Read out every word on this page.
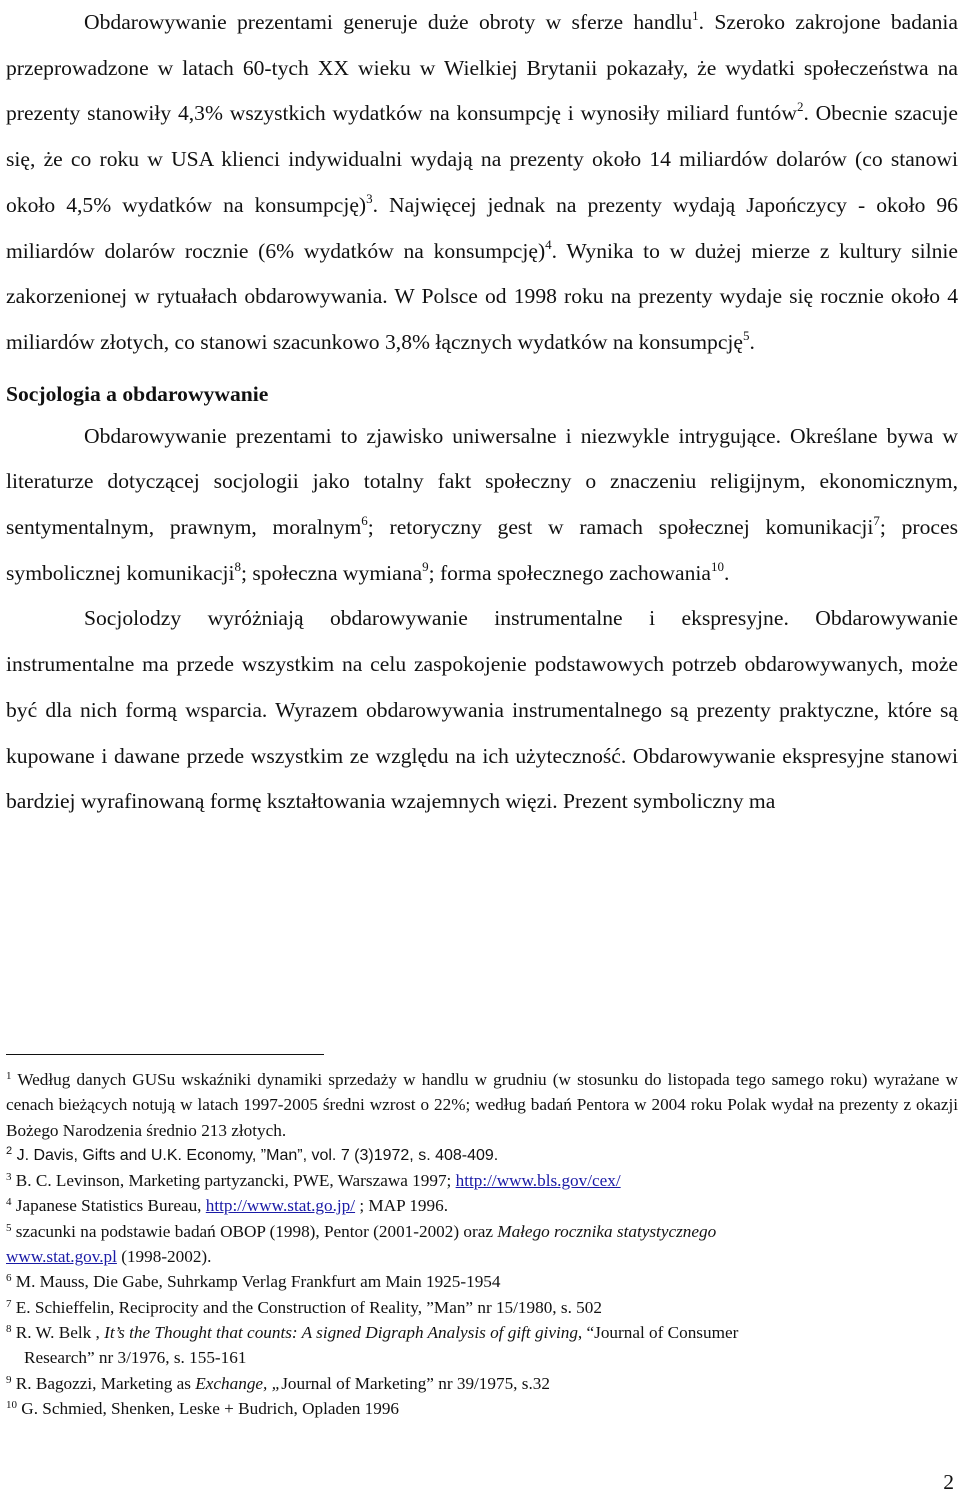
Obdarowywanie prezentami generuje duże obroty w sferze handlu$^1$. Szeroko zakrojone badania przeprowadzone w latach 60-tych XX wieku w Wielkiej Brytanii pokazały, że wydatki społeczeństwa na prezenty stanowiły 4,3% wszystkich wydatków na konsumpcję i wynosiły miliard funtów$^2$. Obecnie szacuje się, że co roku w USA klienci indywidualni wydają na prezenty około 14 miliardów dolarów (co stanowi około 4,5% wydatków na konsumpcję)$^3$. Najwięcej jednak na prezenty wydają Japończycy - około 96 miliardów dolarów rocznie (6% wydatków na konsumpcję)$^4$. Wynika to w dużej mierze z kultury silnie zakorzenionej w rytuałach obdarowywania. W Polsce od 1998 roku na prezenty wydaje się rocznie około 4 miliardów złotych, co stanowi szacunkowo 3,8% łącznych wydatków na konsumpcję$^5$.

Socjologia a obdarowywanie

Obdarowywanie prezentami to zjawisko uniwersalne i niezwykle intrygujące. Określane bywa w literaturze dotyczącej socjologii jako totalny fakt społeczny o znaczeniu religijnym, ekonomicznym, sentymentalnym, prawnym, moralnym$^6$; retoryczny gest w ramach społecznej komunikacji$^7$; proces symbolicznej komunikacji$^8$; społeczna wymiana$^9$; forma społecznego zachowania$^{10}$.

Socjolodzy wyróżniają obdarowywanie instrumentalne i ekspresyjne. Obdarowywanie instrumentalne ma przede wszystkim na celu zaspokojenie podstawowych potrzeb obdarowywanych, może być dla nich formą wsparcia. Wyrazem obdarowywania instrumentalnego są prezenty praktyczne, które są kupowane i dawane przede wszystkim ze względu na ich użyteczność. Obdarowywanie ekspresyjne stanowi bardziej wyrafinowaną formę kształtowania wzajemnych więzi. Prezent symboliczny ma

$^1$ Według danych GUSu wskaźniki dynamiki sprzedaży w handlu w grudniu (w stosunku do listopada tego samego roku) wyrażane w cenach bieżących notują w latach 1997-2005 średni wzrost o 22%; według badań Pentora w 2004 roku Polak wydał na prezenty z okazji Bożego Narodzenia średnio 213 złotych.

$^2$ J. Davis, Gifts and U.K. Economy, ”Man”, vol. 7 (3)1972, s. 408-409.

$^3$ B. C. Levinson, Marketing partyzancki, PWE, Warszawa 1997; http://www.bls.gov/cex/

$^4$ Japanese Statistics Bureau, http://www.stat.go.jp/ ; MAP 1996.

$^5$ szacunki na podstawie badań OBOP (1998), Pentor (2001-2002) oraz Małego rocznika statystycznego
www.stat.gov.pl (1998-2002).

$^6$ M. Mauss, Die Gabe, Suhrkamp Verlag Frankfurt am Main 1925-1954

$^7$ E. Schieffelin, Reciprocity and the Construction of Reality, ”Man” nr 15/1980, s. 502

$^8$ R. W. Belk , It’s the Thought that counts: A signed Digraph Analysis of gift giving, “Journal of Consumer
Research” nr 3/1976, s. 155-161

$^9$ R. Bagozzi, Marketing as Exchange, „Journal of Marketing” nr 39/1975, s.32

$^{10}$ G. Schmied, Shenken, Leske + Budrich, Opladen 1996

2
